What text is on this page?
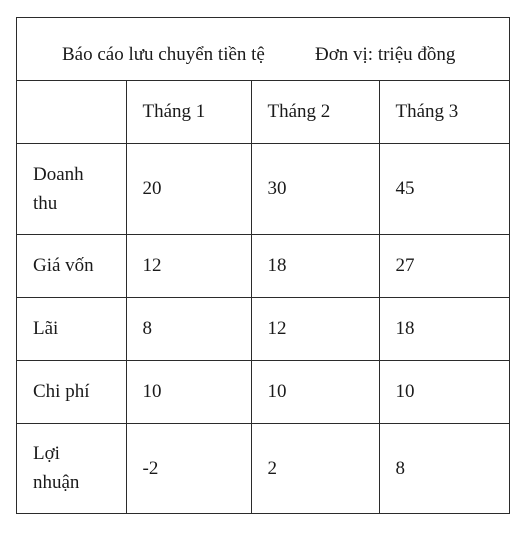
Báo cáo lưu chuyển tiền tệ	Đơn vị: triệu đồng
	Tháng 1	Tháng 2	Tháng 3
Doanh thu	20	30	45
Giá vốn	12	18	27
Lãi	8	12	18
Chi phí	10	10	10
Lợi nhuận	-2	2	8
